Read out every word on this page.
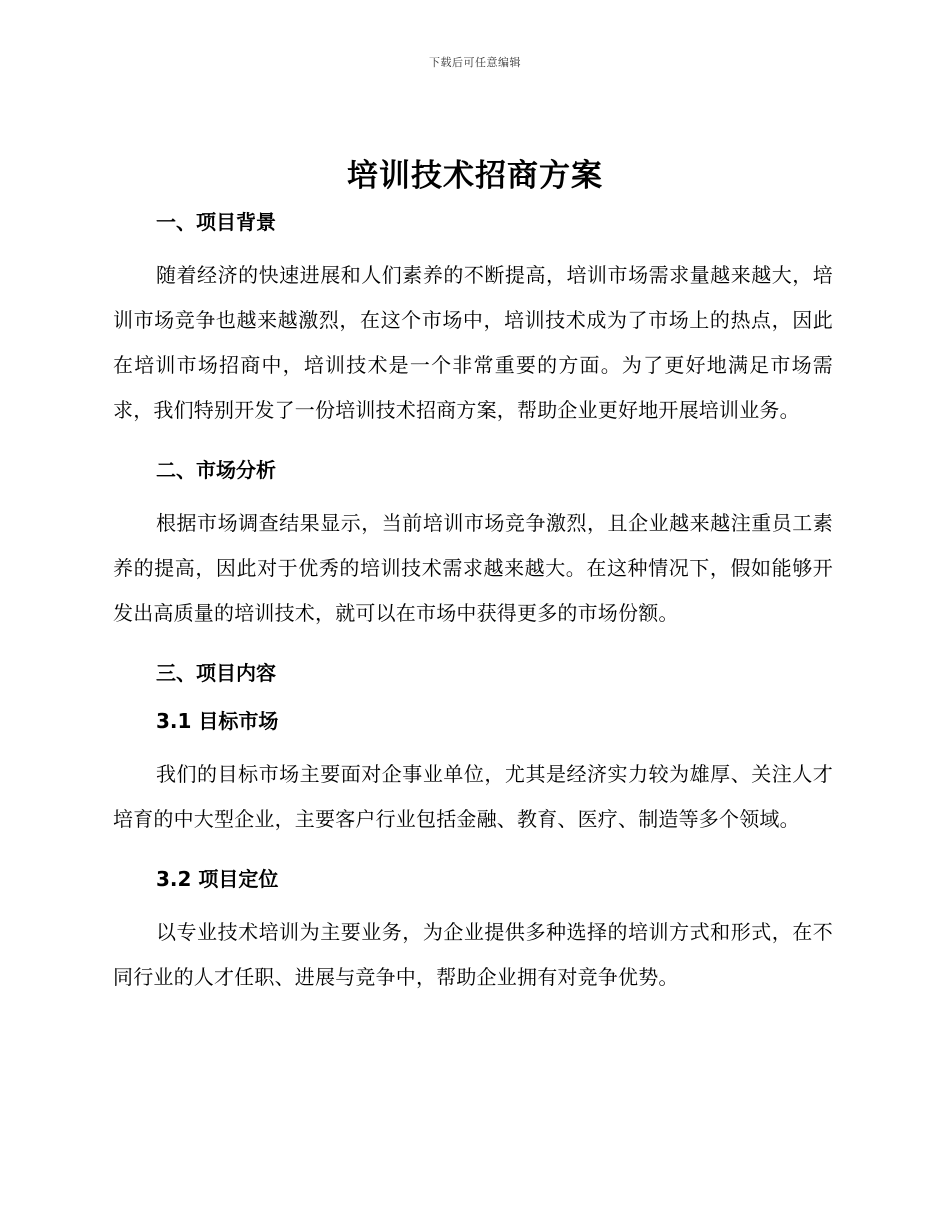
下载后可任意编辑
培训技术招商方案
一、项目背景

随着经济的快速进展和人们素养的不断提高，培训市场需求量越来越大，培训市场竞争也越来越激烈，在这个市场中，培训技术成为了市场上的热点，因此在培训市场招商中，培训技术是一个非常重要的方面。为了更好地满足市场需求，我们特别开发了一份培训技术招商方案，帮助企业更好地开展培训业务。

二、市场分析

根据市场调查结果显示，当前培训市场竞争激烈，且企业越来越注重员工素养的提高，因此对于优秀的培训技术需求越来越大。在这种情况下，假如能够开发出高质量的培训技术，就可以在市场中获得更多的市场份额。

三、项目内容
3.1 目标市场

我们的目标市场主要面对企事业单位，尤其是经济实力较为雄厚、关注人才培育的中大型企业，主要客户行业包括金融、教育、医疗、制造等多个领域。

3.2 项目定位

以专业技术培训为主要业务，为企业提供多种选择的培训方式和形式，在不同行业的人才任职、进展与竞争中，帮助企业拥有对竞争优势。
